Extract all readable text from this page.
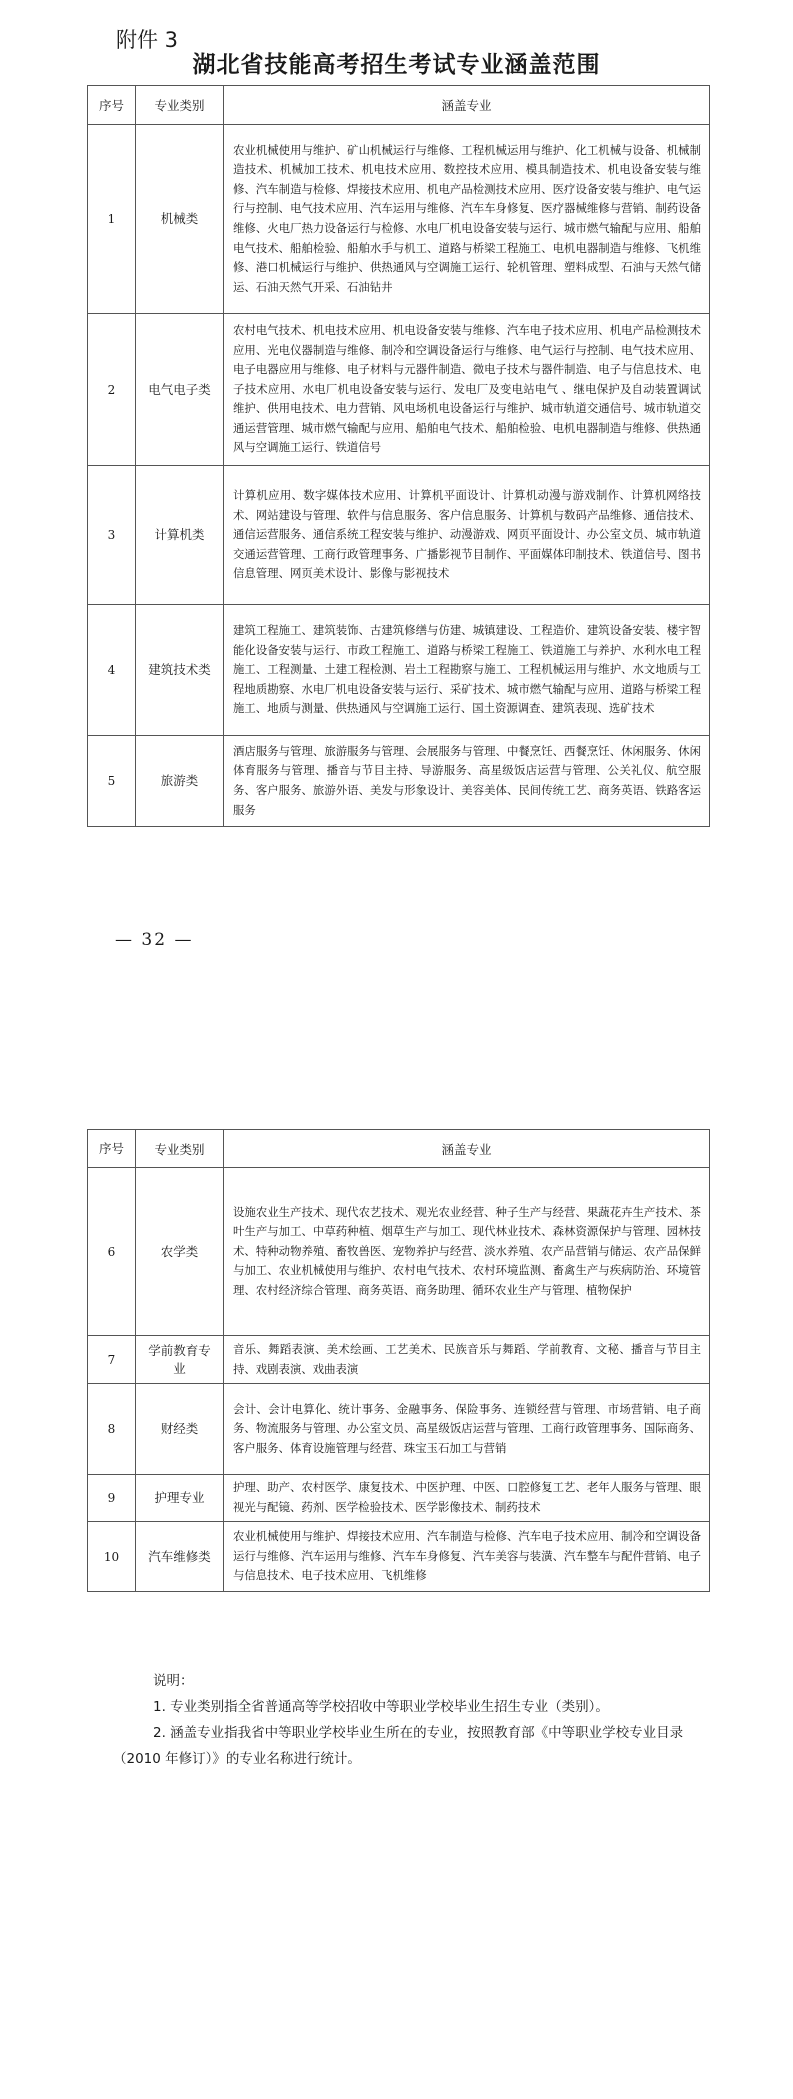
附件 3
湖北省技能高考招生考试专业涵盖范围
序号	专业类别	涵盖专业
1	机械类	农业机械使用与维护、矿山机械运行与维修、工程机械运用与维护、化工机械与设备、机械制造技术、机械加工技术、机电技术应用、数控技术应用、模具制造技术、机电设备安装与维修、汽车制造与检修、焊接技术应用、机电产品检测技术应用、医疗设备安装与维护、电气运行与控制、电气技术应用、汽车运用与维修、汽车车身修复、医疗器械维修与营销、制药设备维修、火电厂热力设备运行与检修、水电厂机电设备安装与运行、城市燃气输配与应用、船舶电气技术、船舶检验、船舶水手与机工、道路与桥梁工程施工、电机电器制造与维修、飞机维修、港口机械运行与维护、供热通风与空调施工运行、轮机管理、塑料成型、石油与天然气储运、石油天然气开采、石油钻井
2	电气电子类	农村电气技术、机电技术应用、机电设备安装与维修、汽车电子技术应用、机电产品检测技术应用、光电仪器制造与维修、制冷和空调设备运行与维修、电气运行与控制、电气技术应用、电子电器应用与维修、电子材料与元器件制造、微电子技术与器件制造、电子与信息技术、电子技术应用、水电厂机电设备安装与运行、发电厂及变电站电气 、继电保护及自动装置调试维护、供用电技术、电力营销、风电场机电设备运行与维护、城市轨道交通信号、城市轨道交通运营管理、城市燃气输配与应用、船舶电气技术、船舶检验、电机电器制造与维修、供热通风与空调施工运行、铁道信号
3	计算机类	计算机应用、数字媒体技术应用、计算机平面设计、计算机动漫与游戏制作、计算机网络技术、网站建设与管理、软件与信息服务、客户信息服务、计算机与数码产品维修、通信技术、通信运营服务、通信系统工程安装与维护、动漫游戏、网页平面设计、办公室文员、城市轨道交通运营管理、工商行政管理事务、广播影视节目制作、平面媒体印制技术、铁道信号、图书信息管理、网页美术设计、影像与影视技术
4	建筑技术类	建筑工程施工、建筑装饰、古建筑修缮与仿建、城镇建设、工程造价、建筑设备安装、楼宇智能化设备安装与运行、市政工程施工、道路与桥梁工程施工、铁道施工与养护、水利水电工程施工、工程测量、土建工程检测、岩土工程勘察与施工、工程机械运用与维护、水文地质与工程地质勘察、水电厂机电设备安装与运行、采矿技术、城市燃气输配与应用、道路与桥梁工程施工、地质与测量、供热通风与空调施工运行、国土资源调查、建筑表现、选矿技术
5	旅游类	酒店服务与管理、旅游服务与管理、会展服务与管理、中餐烹饪、西餐烹饪、休闲服务、休闲体育服务与管理、播音与节目主持、导游服务、高星级饭店运营与管理、公关礼仪、航空服务、客户服务、旅游外语、美发与形象设计、美容美体、民间传统工艺、商务英语、铁路客运服务
— 32 —
序号	专业类别	涵盖专业
6	农学类	设施农业生产技术、现代农艺技术、观光农业经营、种子生产与经营、果蔬花卉生产技术、茶叶生产与加工、中草药种植、烟草生产与加工、现代林业技术、森林资源保护与管理、园林技术、特种动物养殖、畜牧兽医、宠物养护与经营、淡水养殖、农产品营销与储运、农产品保鲜与加工、农业机械使用与维护、农村电气技术、农村环境监测、畜禽生产与疾病防治、环境管理、农村经济综合管理、商务英语、商务助理、循环农业生产与管理、植物保护
7	学前教育专业	音乐、舞蹈表演、美术绘画、工艺美术、民族音乐与舞蹈、学前教育、文秘、播音与节目主持、戏剧表演、戏曲表演
8	财经类	会计、会计电算化、统计事务、金融事务、保险事务、连锁经营与管理、市场营销、电子商务、物流服务与管理、办公室文员、高星级饭店运营与管理、工商行政管理事务、国际商务、客户服务、体育设施管理与经营、珠宝玉石加工与营销
9	护理专业	护理、助产、农村医学、康复技术、中医护理、中医、口腔修复工艺、老年人服务与管理、眼视光与配镜、药剂、医学检验技术、医学影像技术、制药技术
10	汽车维修类	农业机械使用与维护、焊接技术应用、汽车制造与检修、汽车电子技术应用、制冷和空调设备运行与维修、汽车运用与维修、汽车车身修复、汽车美容与装潢、汽车整车与配件营销、电子与信息技术、电子技术应用、飞机维修
说明：
1. 专业类别指全省普通高等学校招收中等职业学校毕业生招生专业（类别）。
2. 涵盖专业指我省中等职业学校毕业生所在的专业，按照教育部《中等职业学校专业目录（2010 年修订）》的专业名称进行统计。
